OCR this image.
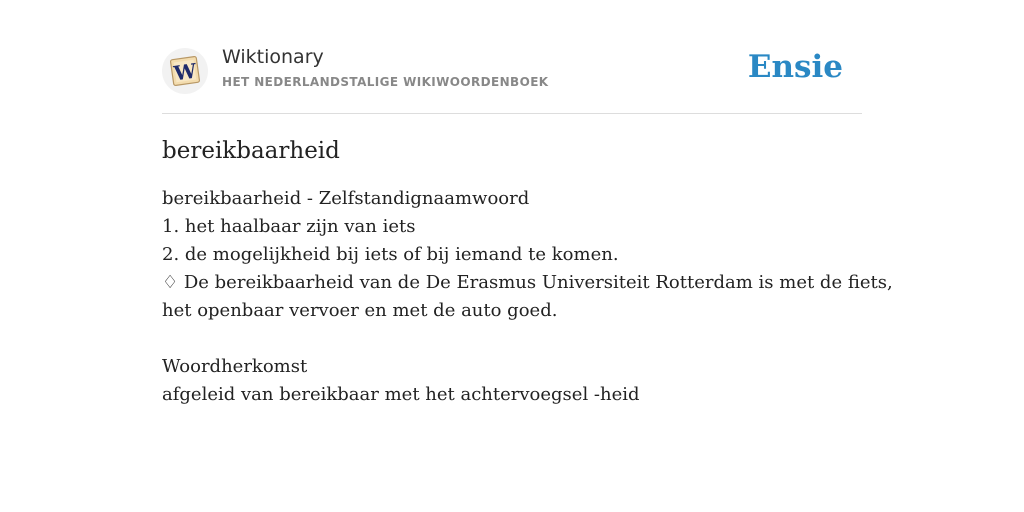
W
Wiktionary
HET NEDERLANDSTALIGE WIKIWOORDENBOEK	Ensie
bereikbaarheid
bereikbaarheid - Zelfstandignaamwoord
1. het haalbaar zijn van iets
2. de mogelijkheid bij iets of bij iemand te komen.
♢ De bereikbaarheid van de De Erasmus Universiteit Rotterdam is met de fiets,
het openbaar vervoer en met de auto goed.
Woordherkomst
afgeleid van bereikbaar met het achtervoegsel -heid
